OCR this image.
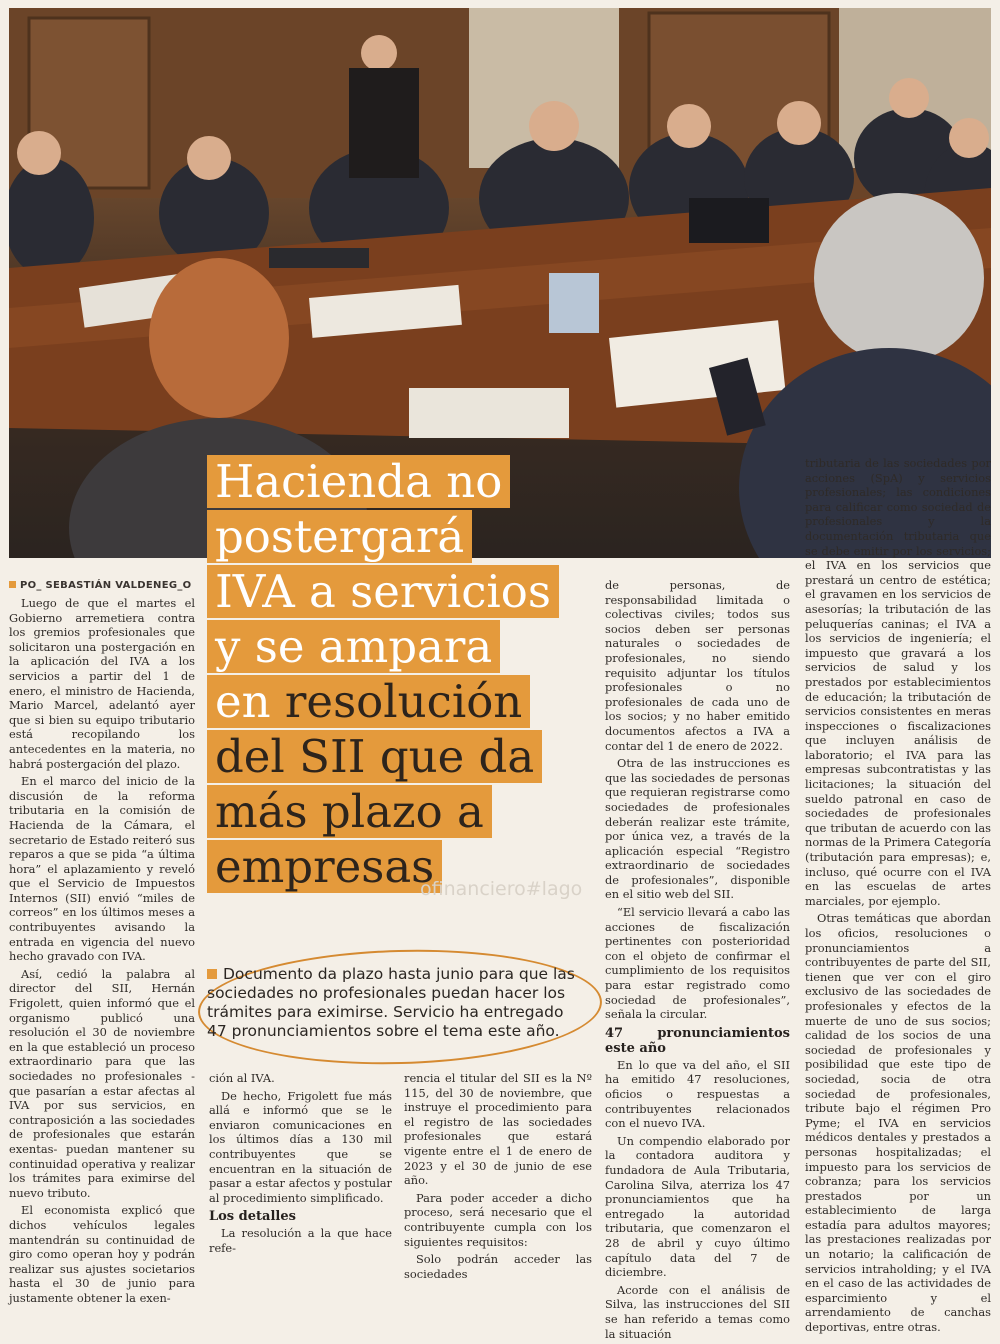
Hacienda no
postergará
IVA a servicios
y se ampara
en resolución
del SII que da
más plazo a
empresas
ofinanciero#lago
PO_ SEBASTIÁN VALDENEG_O

Luego de que el martes el Gobierno arremetiera contra los gremios profesionales que solicitaron una postergación en la aplicación del IVA a los servicios a partir del 1 de enero, el ministro de Hacienda, Mario Marcel, adelantó ayer que si bien su equipo tributario está recopilando los antecedentes en la materia, no habrá postergación del plazo.

En el marco del inicio de la discusión de la reforma tributaria en la comisión de Hacienda de la Cámara, el secretario de Estado reiteró sus reparos a que se pida “a última hora” el aplazamiento y reveló que el Servicio de Impuestos Internos (SII) envió “miles de correos” en los últimos meses a contribuyentes avisando la entrada en vigencia del nuevo hecho gravado con IVA.

Así, cedió la palabra al director del SII, Hernán Frigolett, quien informó que el organismo publicó una resolución el 30 de noviembre en la que estableció un proceso extraordinario para que las sociedades no profesionales -que pasarían a estar afectas al IVA por sus servicios, en contraposición a las sociedades de profesionales que estarán exentas- puedan mantener su continuidad operativa y realizar los trámites para eximirse del nuevo tributo.

El economista explicó que dichos vehículos legales mantendrán su continuidad de giro como operan hoy y podrán realizar sus ajustes societarios hasta el 30 de junio para justamente obtener la exen-

Documento da plazo hasta junio para que las sociedades no profesionales puedan hacer los trámites para eximirse. Servicio ha entregado 47 pronunciamientos sobre el tema este año.

ción al IVA.

De hecho, Frigolett fue más allá e informó que se le enviaron comunicaciones en los últimos días a 130 mil contribuyentes que se encuentran en la situación de pasar a estar afectos y postular al procedimiento simplificado.

Los detalles

La resolución a la que hace refe-

rencia el titular del SII es la Nº 115, del 30 de noviembre, que instruye el procedimiento para el registro de las sociedades profesionales que estará vigente entre el 1 de enero de 2023 y el 30 de junio de ese año.

Para poder acceder a dicho proceso, será necesario que el contribuyente cumpla con los siguientes requisitos:

Solo podrán acceder las sociedades

de personas, de responsabilidad limitada o colectivas civiles; todos sus socios deben ser personas naturales o sociedades de profesionales, no siendo requisito adjuntar los títulos profesionales o no profesionales de cada uno de los socios; y no haber emitido documentos afectos a IVA a contar del 1 de enero de 2022.

Otra de las instrucciones es que las sociedades de personas que requieran registrarse como sociedades de profesionales deberán realizar este trámite, por única vez, a través de la aplicación especial “Registro extraordinario de sociedades de profesionales”, disponible en el sitio web del SII.

“El servicio llevará a cabo las acciones de fiscalización pertinentes con posterioridad con el objeto de confirmar el cumplimiento de los requisitos para estar registrado como sociedad de profesionales”, señala la circular.

47 pronunciamientos este año

En lo que va del año, el SII ha emitido 47 resoluciones, oficios o respuestas a contribuyentes relacionados con el nuevo IVA.

Un compendio elaborado por la contadora auditora y fundadora de Aula Tributaria, Carolina Silva, aterriza los 47 pronunciamientos que ha entregado la autoridad tributaria, que comenzaron el 28 de abril y cuyo último capítulo data del 7 de diciembre.

Acorde con el análisis de Silva, las instrucciones del SII se han referido a temas como la situación

tributaria de las sociedades por acciones (SpA) y servicios profesionales; las condiciones para calificar como sociedad de profesionales y la documentación tributaria que se debe emitir por los servicios; el IVA en los servicios que prestará un centro de estética; el gravamen en los servicios de asesorías; la tributación de las peluquerías caninas; el IVA a los servicios de ingeniería; el impuesto que gravará a los servicios de salud y los prestados por establecimientos de educación; la tributación de servicios consistentes en meras inspecciones o fiscalizaciones que incluyen análisis de laboratorio; el IVA para las empresas subcontratistas y las licitaciones; la situación del sueldo patronal en caso de sociedades de profesionales que tributan de acuerdo con las normas de la Primera Categoría (tributación para empresas); e, incluso, qué ocurre con el IVA en las escuelas de artes marciales, por ejemplo.

Otras temáticas que abordan los oficios, resoluciones o pronunciamientos a contribuyentes de parte del SII, tienen que ver con el giro exclusivo de las sociedades de profesionales y efectos de la muerte de uno de sus socios; calidad de los socios de una sociedad de profesionales y posibilidad que este tipo de sociedad, socia de otra sociedad de profesionales, tribute bajo el régimen Pro Pyme; el IVA en servicios médicos dentales y prestados a personas hospitalizadas; el impuesto para los servicios de cobranza; para los servicios prestados por un establecimiento de larga estadía para adultos mayores; las prestaciones realizadas por un notario; la calificación de servicios intraholding; y el IVA en el caso de las actividades de esparcimiento y el arrendamiento de canchas deportivas, entre otras.
